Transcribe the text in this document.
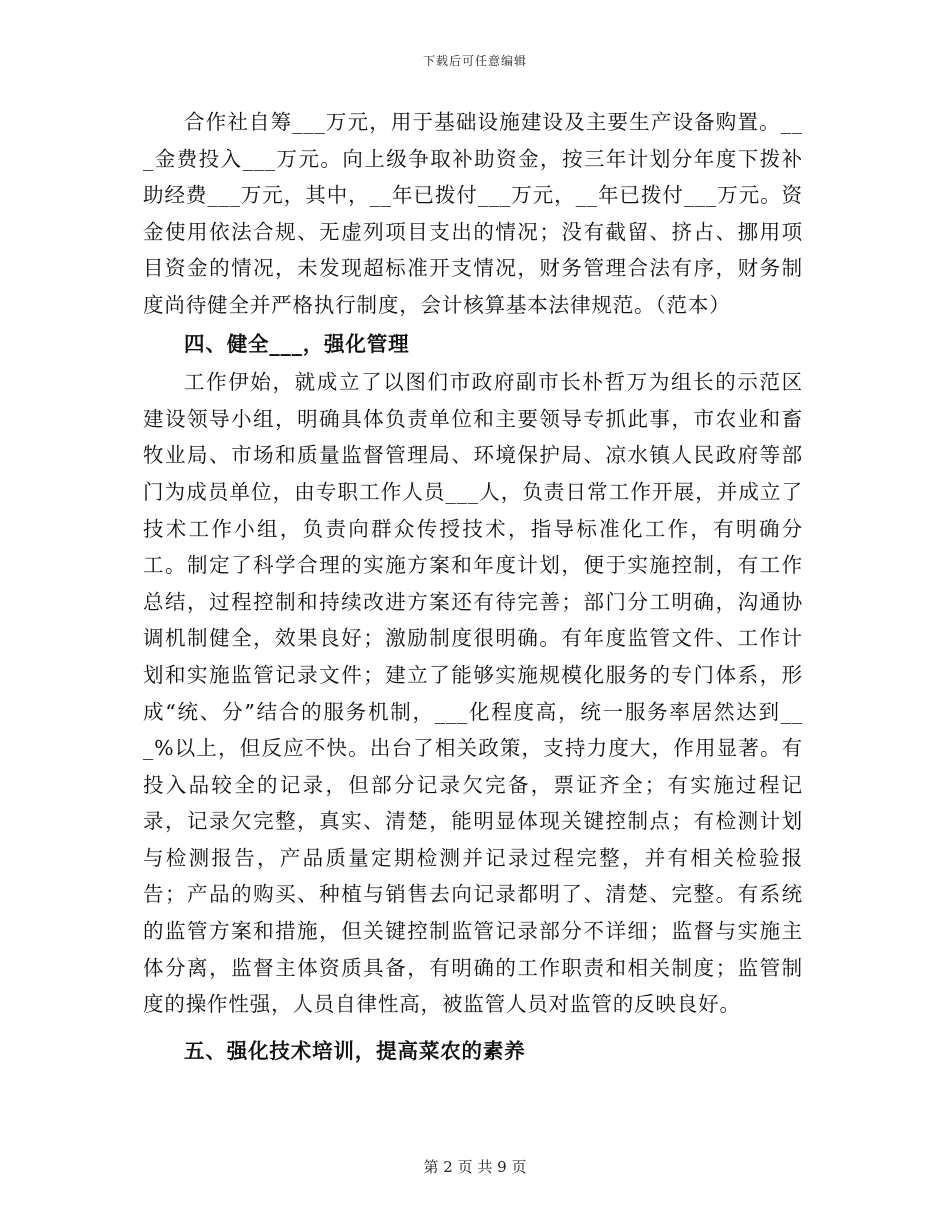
下载后可任意编辑

合作社自筹___万元，用于基础设施建设及主要生产设备购置。___金费投入___万元。向上级争取补助资金，按三年计划分年度下拨补助经费___万元，其中，__年已拨付___万元，__年已拨付___万元。资金使用依法合规、无虚列项目支出的情况；没有截留、挤占、挪用项目资金的情况，未发现超标准开支情况，财务管理合法有序，财务制度尚待健全并严格执行制度，会计核算基本法律规范。（范本）

四、健全___，强化管理

工作伊始，就成立了以图们市政府副市长朴哲万为组长的示范区建设领导小组，明确具体负责单位和主要领导专抓此事，市农业和畜牧业局、市场和质量监督管理局、环境保护局、凉水镇人民政府等部门为成员单位，由专职工作人员___人，负责日常工作开展，并成立了技术工作小组，负责向群众传授技术，指导标准化工作，有明确分工。制定了科学合理的实施方案和年度计划，便于实施控制，有工作总结，过程控制和持续改进方案还有待完善；部门分工明确，沟通协调机制健全，效果良好；激励制度很明确。有年度监管文件、工作计划和实施监管记录文件；建立了能够实施规模化服务的专门体系，形成“统、分”结合的服务机制，___化程度高，统一服务率居然达到___%以上，但反应不快。出台了相关政策，支持力度大，作用显著。有投入品较全的记录，但部分记录欠完备，票证齐全；有实施过程记录，记录欠完整，真实、清楚，能明显体现关键控制点；有检测计划与检测报告，产品质量定期检测并记录过程完整，并有相关检验报告；产品的购买、种植与销售去向记录都明了、清楚、完整。有系统的监管方案和措施，但关键控制监管记录部分不详细；监督与实施主体分离，监督主体资质具备，有明确的工作职责和相关制度；监管制度的操作性强，人员自律性高，被监管人员对监管的反映良好。

五、强化技术培训，提高菜农的素养

第 2 页 共 9 页
